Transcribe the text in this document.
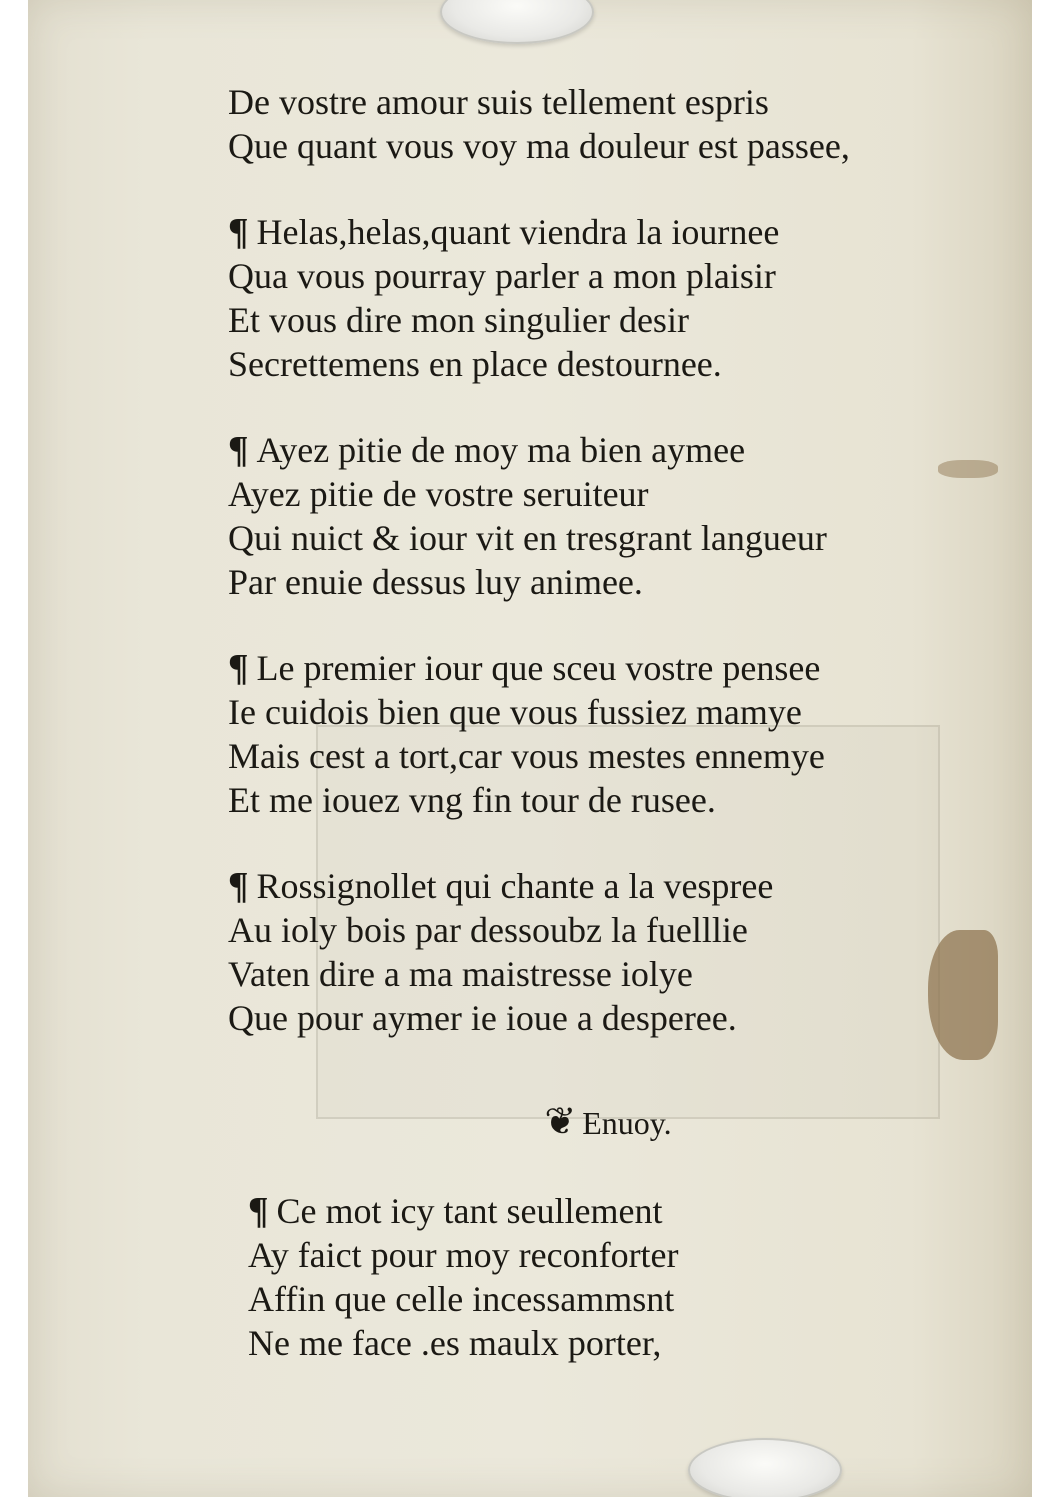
De vostre amour suis tellement espris
Que quant vous voy ma douleur est passee,
¶ Helas,helas,quant viendra la iournee
Qua vous pourray parler a mon plaisir
Et vous dire mon singulier desir
Secrettemens en place destournee.
¶ Ayez pitie de moy ma bien aymee
Ayez pitie de vostre seruiteur
Qui nuict & iour vit en tresgrant langueur
Par enuie dessus luy animee.
¶ Le premier iour que sceu vostre pensee
Ie cuidois bien que vous fussiez mamye
Mais cest a tort,car vous mestes ennemye
Et me iouez vng fin tour de rusee.
¶ Rossignollet qui chante a la vespree
Au ioly bois par dessoubz la fuelllie
Vaten dire a ma maistresse iolye
Que pour aymer ie ioue a desperee.
❦ Enuoy.
¶ Ce mot icy tant seullement
Ay faict pour moy reconforter
Affin que celle incessammsnt
Ne me face .es maulx porter,
